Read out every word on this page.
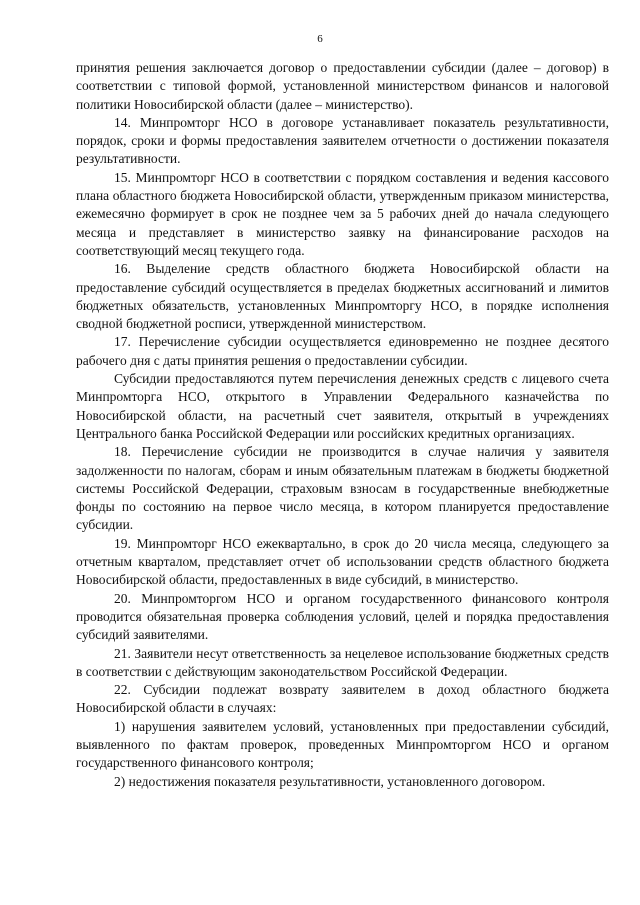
6

принятия решения заключается договор о предоставлении субсидии (далее – договор) в соответствии с типовой формой, установленной министерством финансов и налоговой политики Новосибирской области (далее – министерство).

14. Минпромторг НСО в договоре устанавливает показатель результативности, порядок, сроки и формы предоставления заявителем отчетности о достижении показателя результативности.

15. Минпромторг НСО в соответствии с порядком составления и ведения кассового плана областного бюджета Новосибирской области, утвержденным приказом министерства, ежемесячно формирует в срок не позднее чем за 5 рабочих дней до начала следующего месяца и представляет в министерство заявку на финансирование расходов на соответствующий месяц текущего года.

16. Выделение средств областного бюджета Новосибирской области на предоставление субсидий осуществляется в пределах бюджетных ассигнований и лимитов бюджетных обязательств, установленных Минпромторгу НСО, в порядке исполнения сводной бюджетной росписи, утвержденной министерством.

17. Перечисление субсидии осуществляется единовременно не позднее десятого рабочего дня с даты принятия решения о предоставлении субсидии.

Субсидии предоставляются путем перечисления денежных средств с лицевого счета Минпромторга НСО, открытого в Управлении Федерального казначейства по Новосибирской области, на расчетный счет заявителя, открытый в учреждениях Центрального банка Российской Федерации или российских кредитных организациях.

18. Перечисление субсидии не производится в случае наличия у заявителя задолженности по налогам, сборам и иным обязательным платежам в бюджеты бюджетной системы Российской Федерации, страховым взносам в государственные внебюджетные фонды по состоянию на первое число месяца, в котором планируется предоставление субсидии.

19. Минпромторг НСО ежеквартально, в срок до 20 числа месяца, следующего за отчетным кварталом, представляет отчет об использовании средств областного бюджета Новосибирской области, предоставленных в виде субсидий, в министерство.

20. Минпромторгом НСО и органом государственного финансового контроля проводится обязательная проверка соблюдения условий, целей и порядка предоставления субсидий заявителями.

21. Заявители несут ответственность за нецелевое использование бюджетных средств в соответствии с действующим законодательством Российской Федерации.

22. Субсидии подлежат возврату заявителем в доход областного бюджета Новосибирской области в случаях:

1) нарушения заявителем условий, установленных при предоставлении субсидий, выявленного по фактам проверок, проведенных Минпромторгом НСО и органом государственного финансового контроля;

2) недостижения показателя результативности, установленного договором.
